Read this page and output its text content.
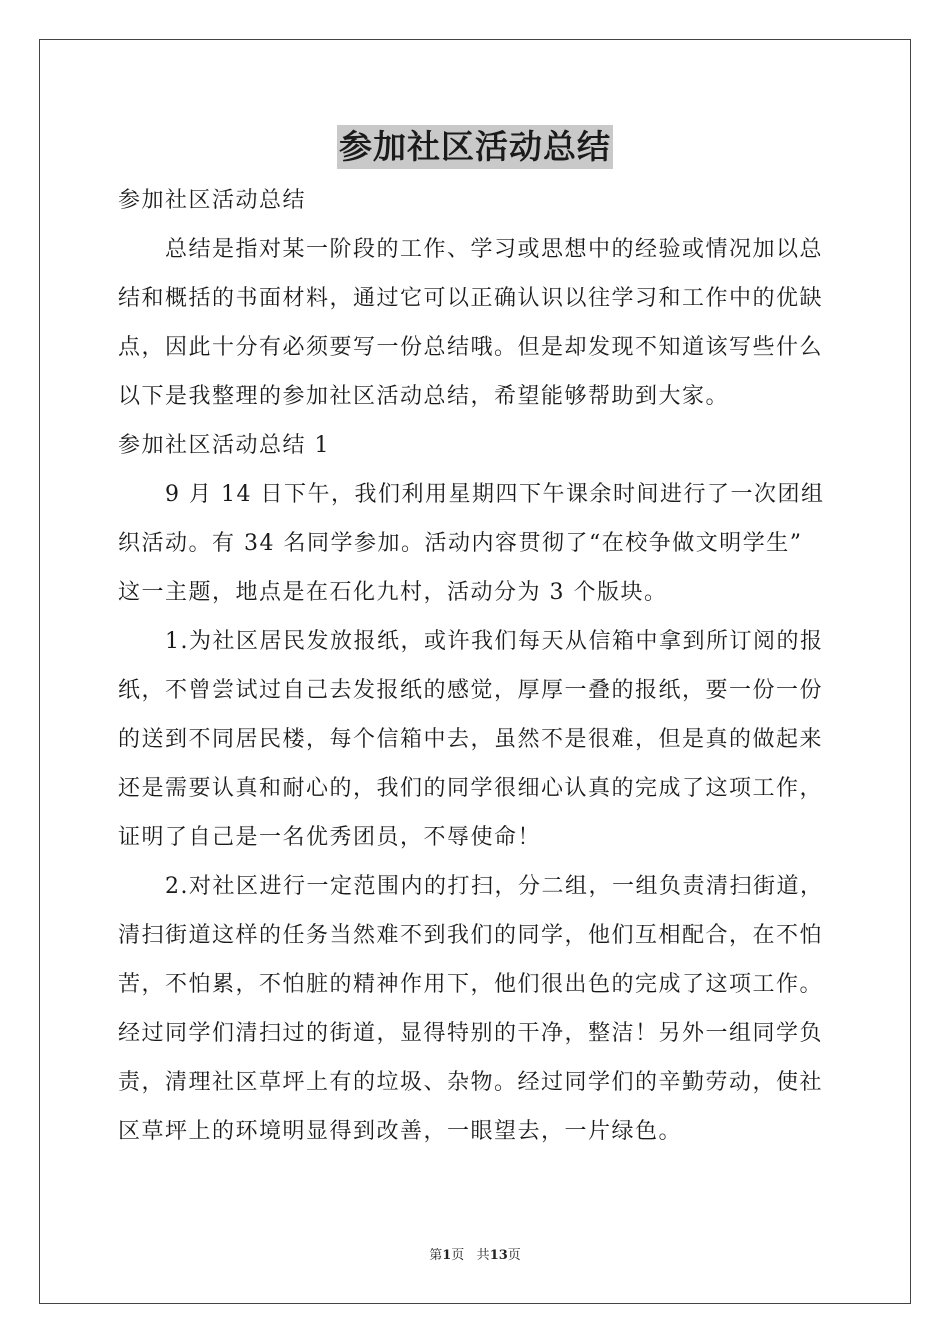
参加社区活动总结
参加社区活动总结
总结是指对某一阶段的工作、学习或思想中的经验或情况加以总
结和概括的书面材料，通过它可以正确认识以往学习和工作中的优缺
点，因此十分有必须要写一份总结哦。但是却发现不知道该写些什么
以下是我整理的参加社区活动总结，希望能够帮助到大家。
参加社区活动总结 1
9 月 14 日下午，我们利用星期四下午课余时间进行了一次团组
织活动。有 34 名同学参加。活动内容贯彻了“在校争做文明学生”
这一主题，地点是在石化九村，活动分为 3 个版块。
1.为社区居民发放报纸，或许我们每天从信箱中拿到所订阅的报
纸，不曾尝试过自己去发报纸的感觉，厚厚一叠的报纸，要一份一份
的送到不同居民楼，每个信箱中去，虽然不是很难，但是真的做起来
还是需要认真和耐心的，我们的同学很细心认真的完成了这项工作，
证明了自己是一名优秀团员，不辱使命！
2.对社区进行一定范围内的打扫，分二组，一组负责清扫街道，
清扫街道这样的任务当然难不到我们的同学，他们互相配合，在不怕
苦，不怕累，不怕脏的精神作用下，他们很出色的完成了这项工作。
经过同学们清扫过的街道，显得特别的干净，整洁！另外一组同学负
责，清理社区草坪上有的垃圾、杂物。经过同学们的辛勤劳动，使社
区草坪上的环境明显得到改善，一眼望去，一片绿色。
第1页 共13页
